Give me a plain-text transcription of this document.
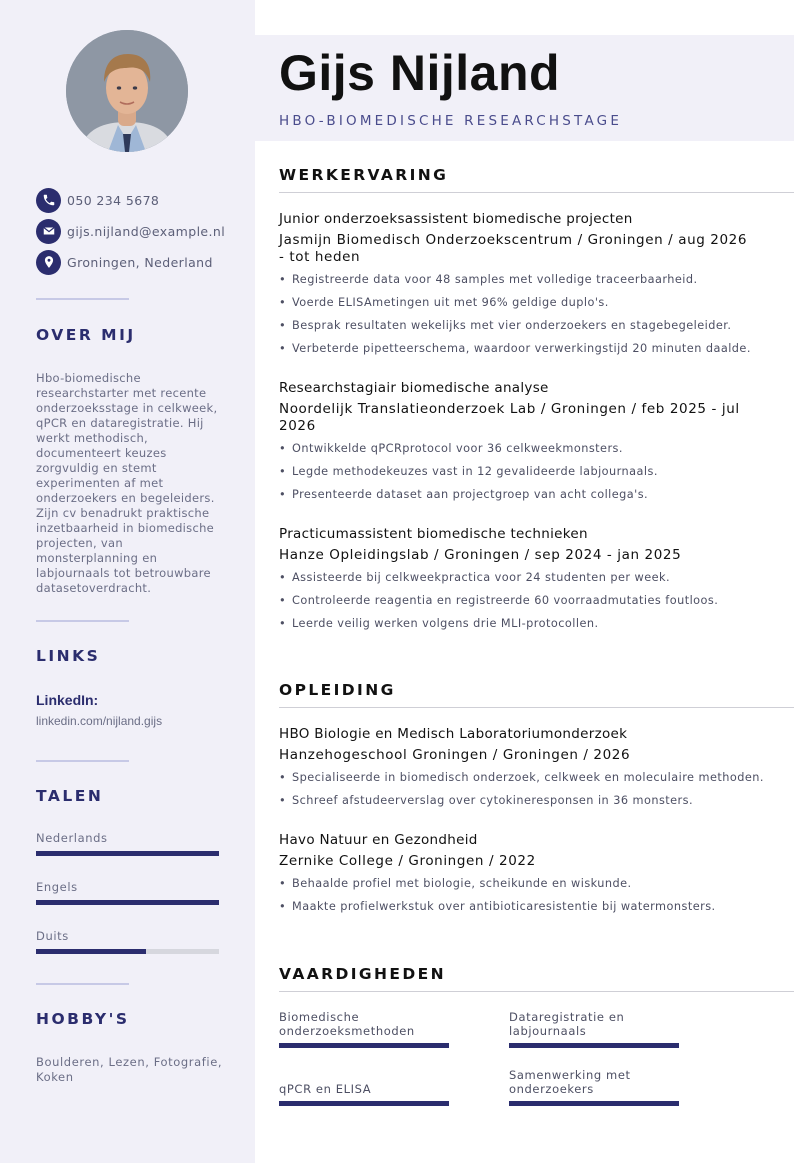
050 234 5678
gijs.nijland@example.nl
Groningen, Nederland
OVER MIJ
Hbo-biomedische researchstarter met recente onderzoeksstage in celkweek, qPCR en dataregistratie. Hij werkt methodisch, documenteert keuzes zorgvuldig en stemt experimenten af met onderzoekers en begeleiders. Zijn cv benadrukt praktische inzetbaarheid in biomedische projecten, van monsterplanning en labjournaals tot betrouwbare datasetoverdracht.
LINKS
LinkedIn:
linkedin.com/nijland.gijs
TALEN
Nederlands
Engels
Duits
HOBBY'S
Boulderen, Lezen, Fotografie, Koken
Gijs Nijland
HBO-BIOMEDISCHE RESEARCHSTAGE
WERKERVARING
Junior onderzoeksassistent biomedische projecten
Jasmijn Biomedisch Onderzoekscentrum / Groningen / aug 2026 - tot heden
• Registreerde data voor 48 samples met volledige traceerbaarheid.
• Voerde ELISAmetingen uit met 96% geldige duplo's.
• Besprak resultaten wekelijks met vier onderzoekers en stagebegeleider.
• Verbeterde pipetteerschema, waardoor verwerkingstijd 20 minuten daalde.
Researchstagiair biomedische analyse
Noordelijk Translatieonderzoek Lab / Groningen / feb 2025 - jul 2026
• Ontwikkelde qPCRprotocol voor 36 celkweekmonsters.
• Legde methodekeuzes vast in 12 gevalideerde labjournaals.
• Presenteerde dataset aan projectgroep van acht collega's.
Practicumassistent biomedische technieken
Hanze Opleidingslab / Groningen / sep 2024 - jan 2025
• Assisteerde bij celkweekpractica voor 24 studenten per week.
• Controleerde reagentia en registreerde 60 voorraadmutaties foutloos.
• Leerde veilig werken volgens drie MLI-protocollen.
OPLEIDING
HBO Biologie en Medisch Laboratoriumonderzoek
Hanzehogeschool Groningen / Groningen / 2026
• Specialiseerde in biomedisch onderzoek, celkweek en moleculaire methoden.
• Schreef afstudeerverslag over cytokineresponsen in 36 monsters.
Havo Natuur en Gezondheid
Zernike College / Groningen / 2022
• Behaalde profiel met biologie, scheikunde en wiskunde.
• Maakte profielwerkstuk over antibioticaresistentie bij watermonsters.
VAARDIGHEDEN
Biomedische onderzoeksmethoden
Dataregistratie en labjournaals
qPCR en ELISA
Samenwerking met onderzoekers
